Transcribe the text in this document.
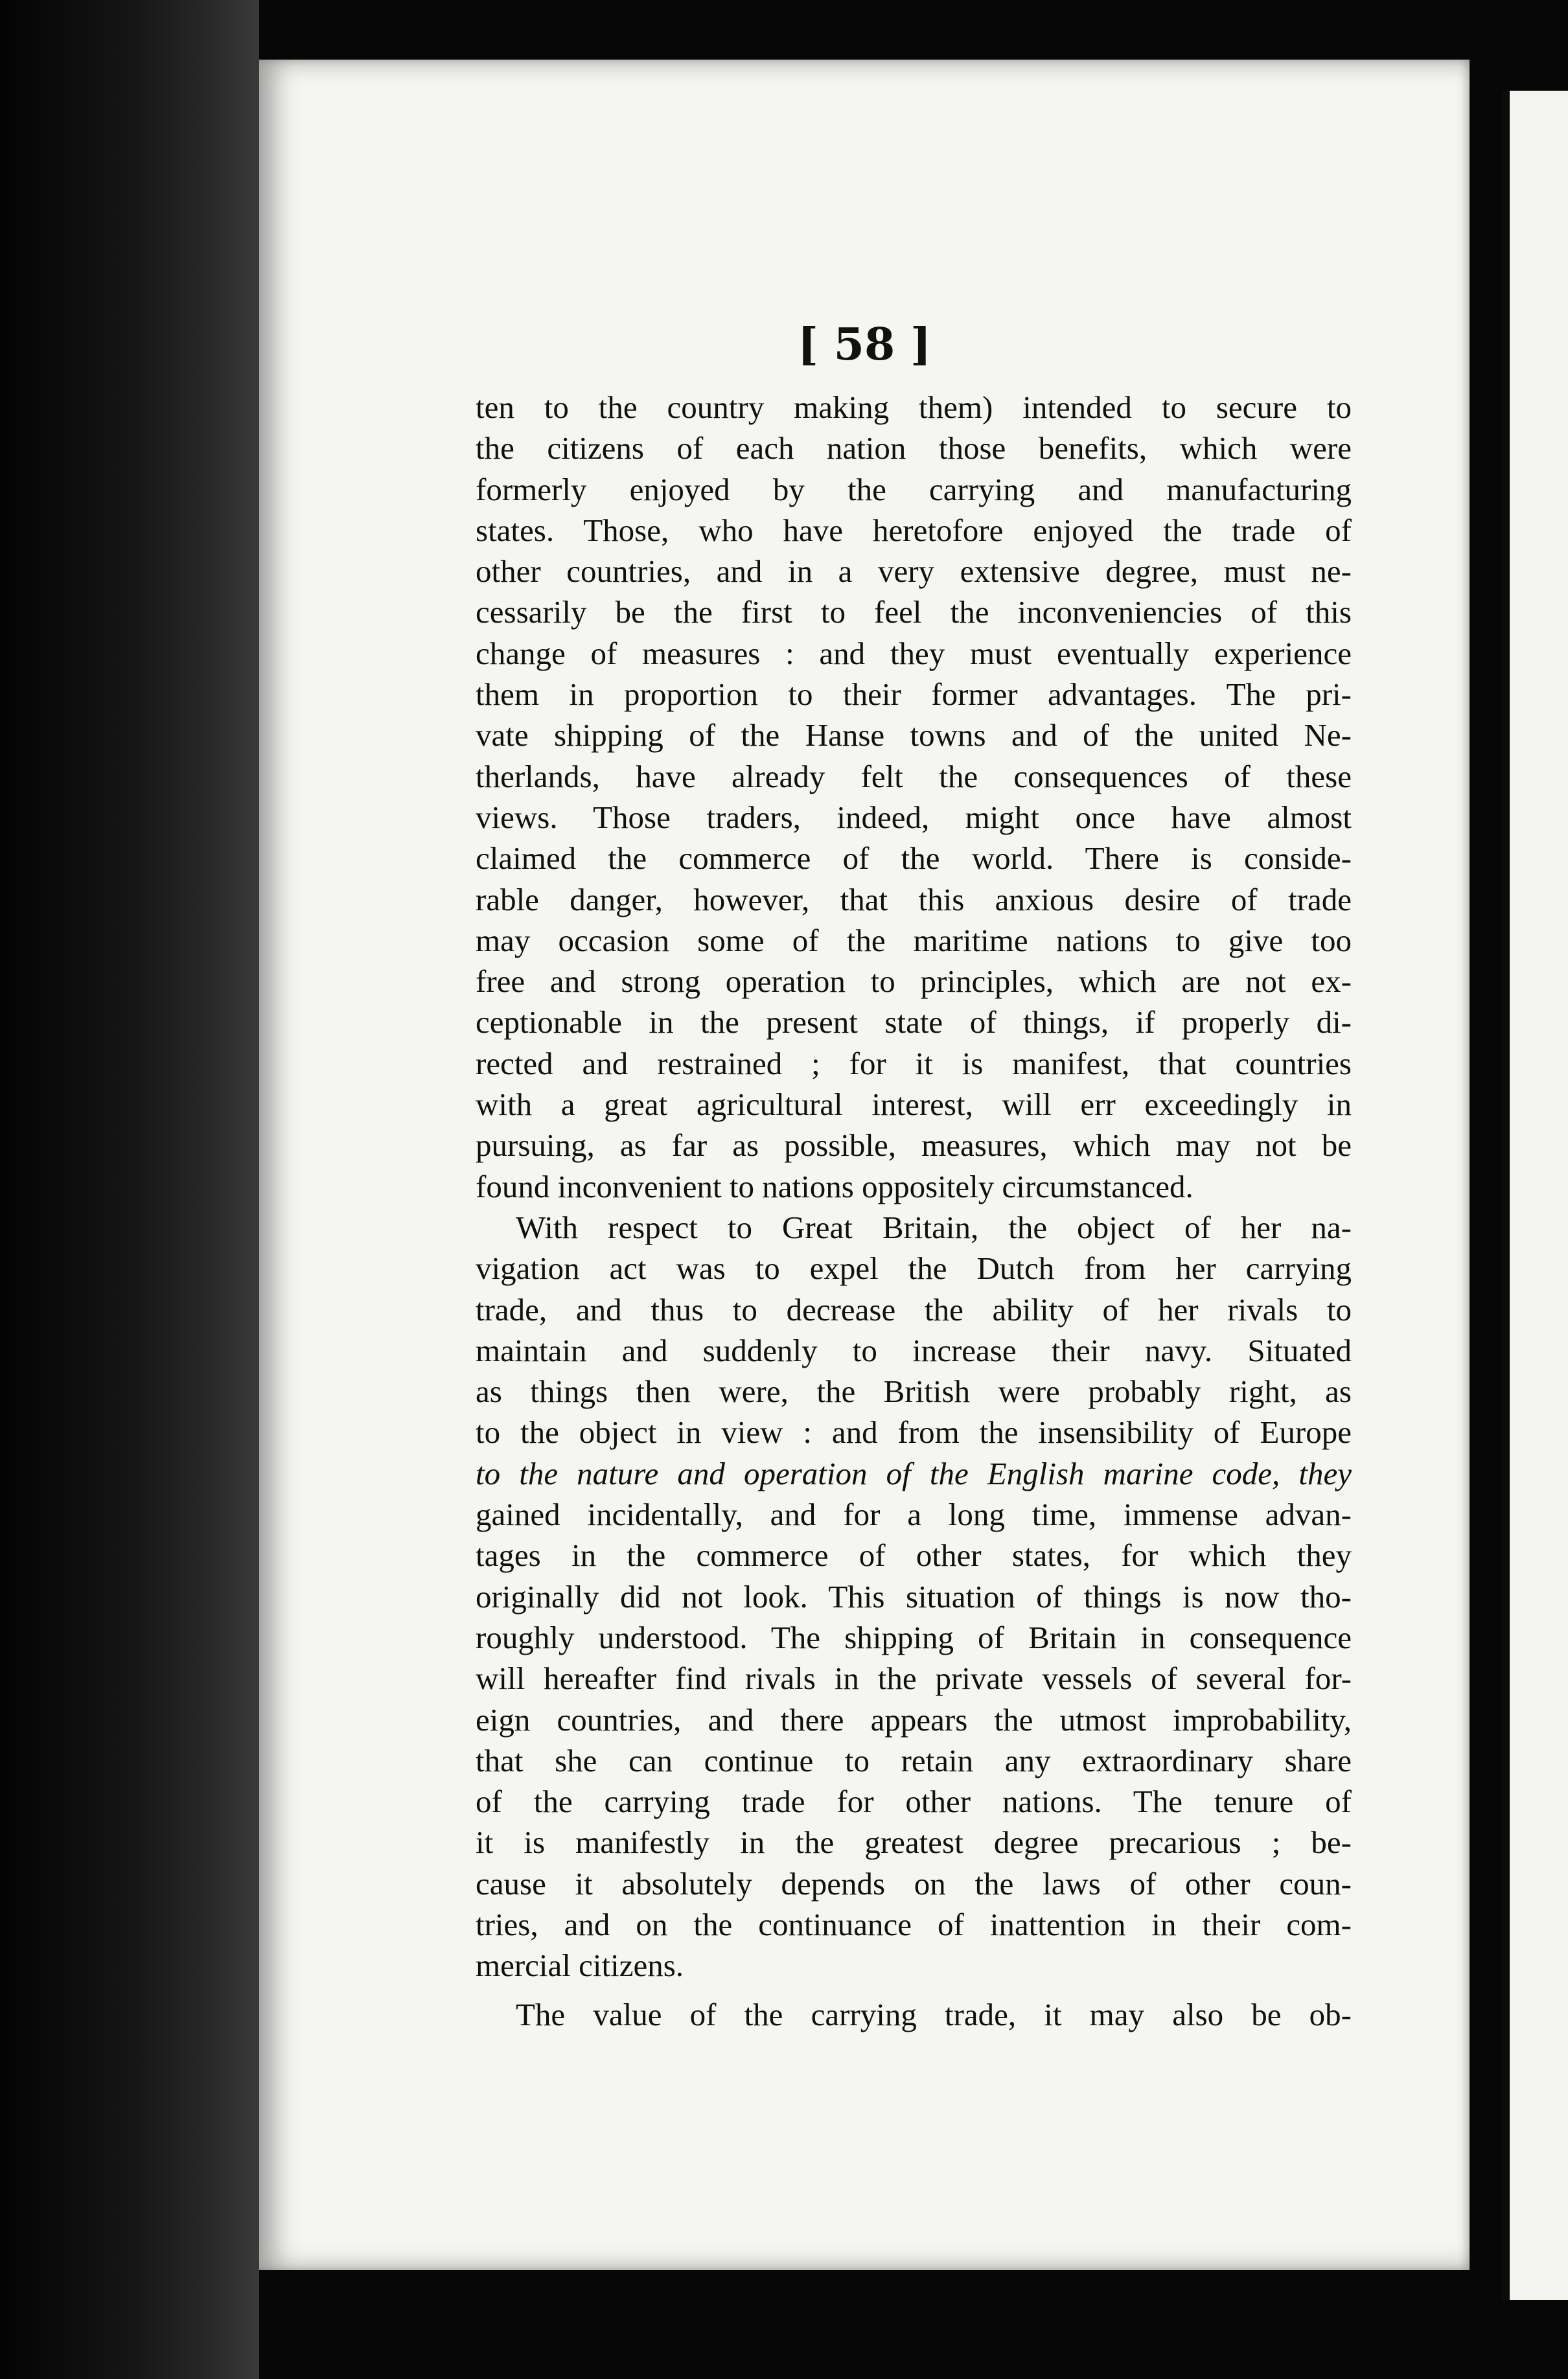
[ 58 ]

ten to the country making them) intended to secure to
the citizens of each nation those benefits, which were
formerly enjoyed by the carrying and manufacturing
states. Those, who have heretofore enjoyed the trade of
other countries, and in a very extensive degree, must ne-
cessarily be the first to feel the inconveniencies of this
change of measures : and they must eventually experience
them in proportion to their former advantages. The pri-
vate shipping of the Hanse towns and of the united Ne-
therlands, have already felt the consequences of these
views. Those traders, indeed, might once have almost
claimed the commerce of the world. There is conside-
rable danger, however, that this anxious desire of trade
may occasion some of the maritime nations to give too
free and strong operation to principles, which are not ex-
ceptionable in the present state of things, if properly di-
rected and restrained ; for it is manifest, that countries
with a great agricultural interest, will err exceedingly in
pursuing, as far as possible, measures, which may not be
found inconvenient to nations oppositely circumstanced.

With respect to Great Britain, the object of her na-
vigation act was to expel the Dutch from her carrying
trade, and thus to decrease the ability of her rivals to
maintain and suddenly to increase their navy. Situated
as things then were, the British were probably right, as
to the object in view : and from the insensibility of Europe
to the nature and operation of the English marine code, they
gained incidentally, and for a long time, immense advan-
tages in the commerce of other states, for which they
originally did not look. This situation of things is now tho-
roughly understood. The shipping of Britain in consequence
will hereafter find rivals in the private vessels of several for-
eign countries, and there appears the utmost improbability,
that she can continue to retain any extraordinary share
of the carrying trade for other nations. The tenure of
it is manifestly in the greatest degree precarious ; be-
cause it absolutely depends on the laws of other coun-
tries, and on the continuance of inattention in their com-
mercial citizens.

The value of the carrying trade, it may also be ob-
